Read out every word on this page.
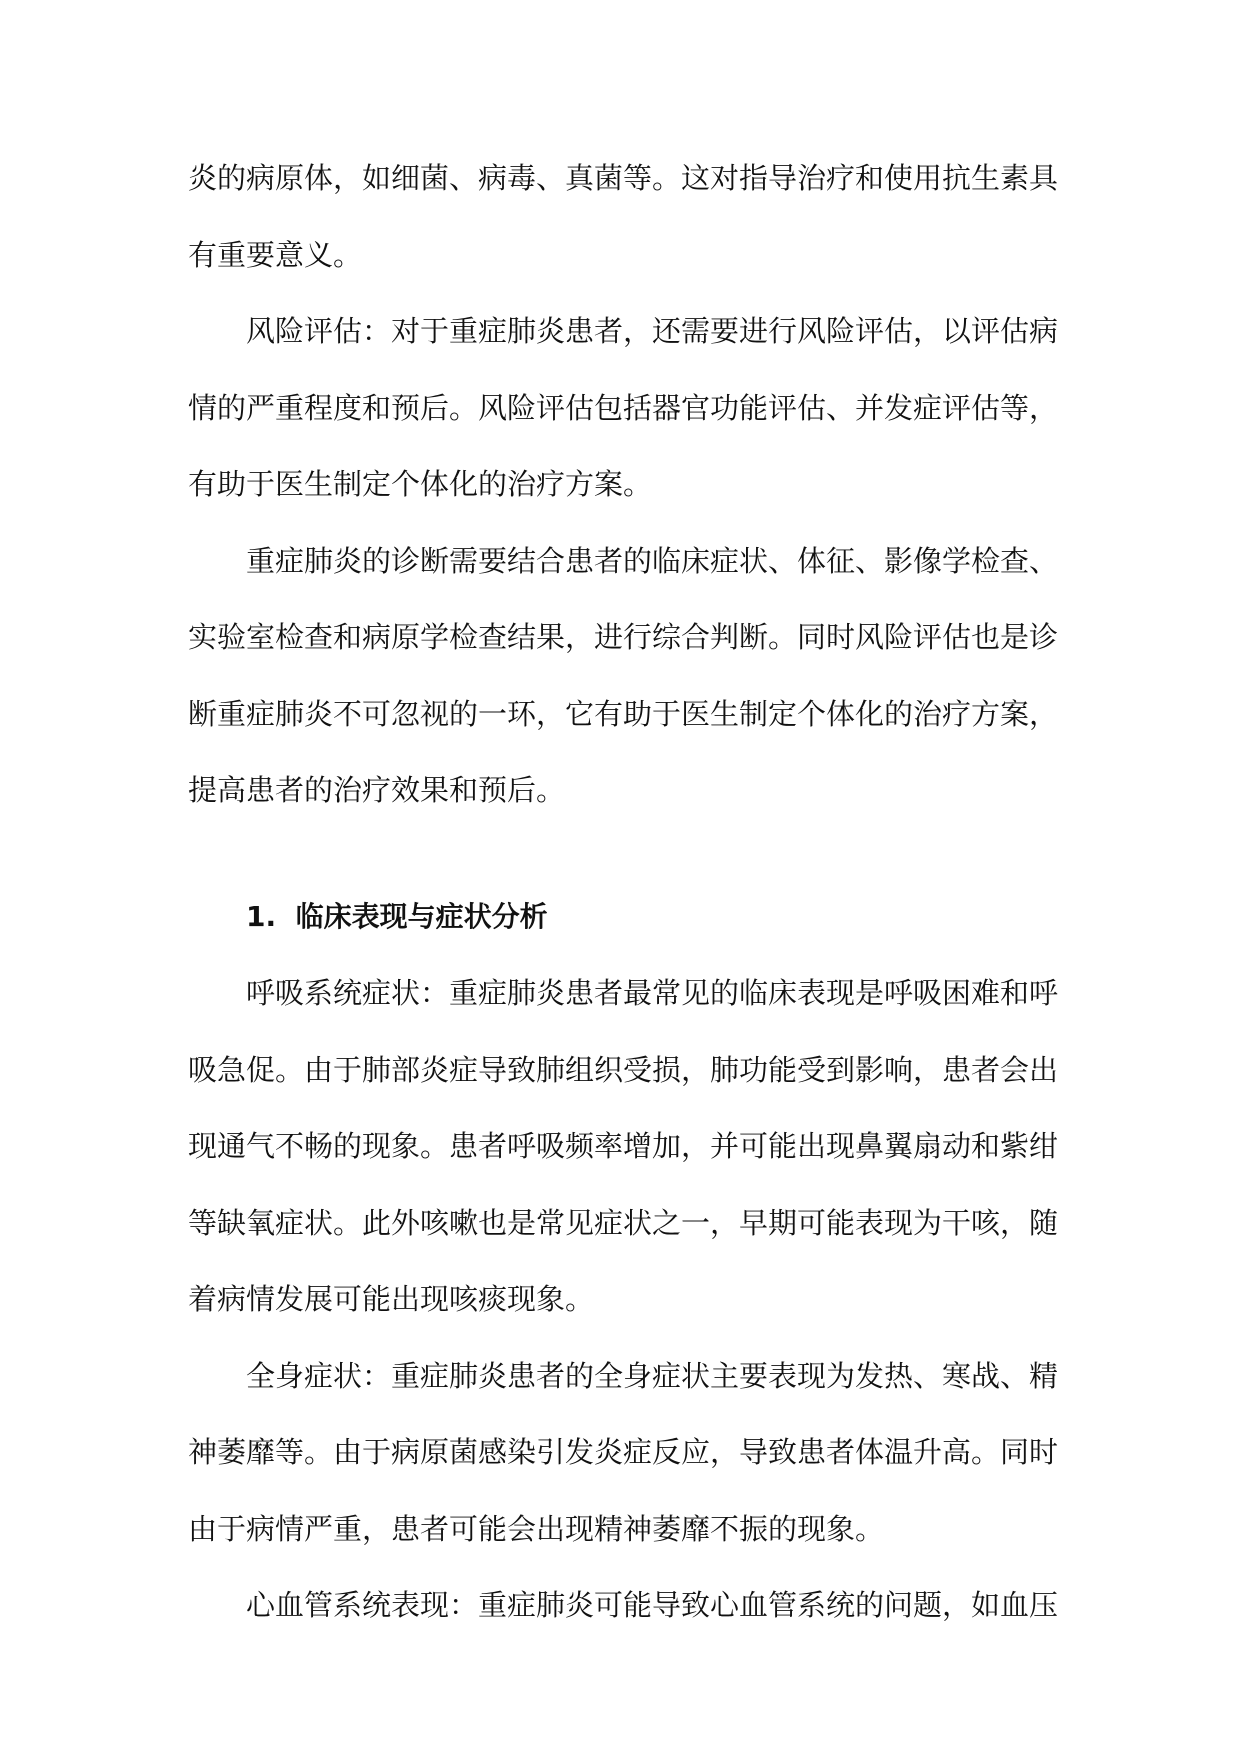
炎的病原体，如细菌、病毒、真菌等。这对指导治疗和使用抗生素具
有重要意义。
风险评估：对于重症肺炎患者，还需要进行风险评估，以评估病
情的严重程度和预后。风险评估包括器官功能评估、并发症评估等，
有助于医生制定个体化的治疗方案。
重症肺炎的诊断需要结合患者的临床症状、体征、影像学检查、
实验室检查和病原学检查结果，进行综合判断。同时风险评估也是诊
断重症肺炎不可忽视的一环，它有助于医生制定个体化的治疗方案，
提高患者的治疗效果和预后。
1. 临床表现与症状分析
呼吸系统症状：重症肺炎患者最常见的临床表现是呼吸困难和呼
吸急促。由于肺部炎症导致肺组织受损，肺功能受到影响，患者会出
现通气不畅的现象。患者呼吸频率增加，并可能出现鼻翼扇动和紫绀
等缺氧症状。此外咳嗽也是常见症状之一，早期可能表现为干咳，随
着病情发展可能出现咳痰现象。
全身症状：重症肺炎患者的全身症状主要表现为发热、寒战、精
神萎靡等。由于病原菌感染引发炎症反应，导致患者体温升高。同时
由于病情严重，患者可能会出现精神萎靡不振的现象。
心血管系统表现：重症肺炎可能导致心血管系统的问题，如血压
